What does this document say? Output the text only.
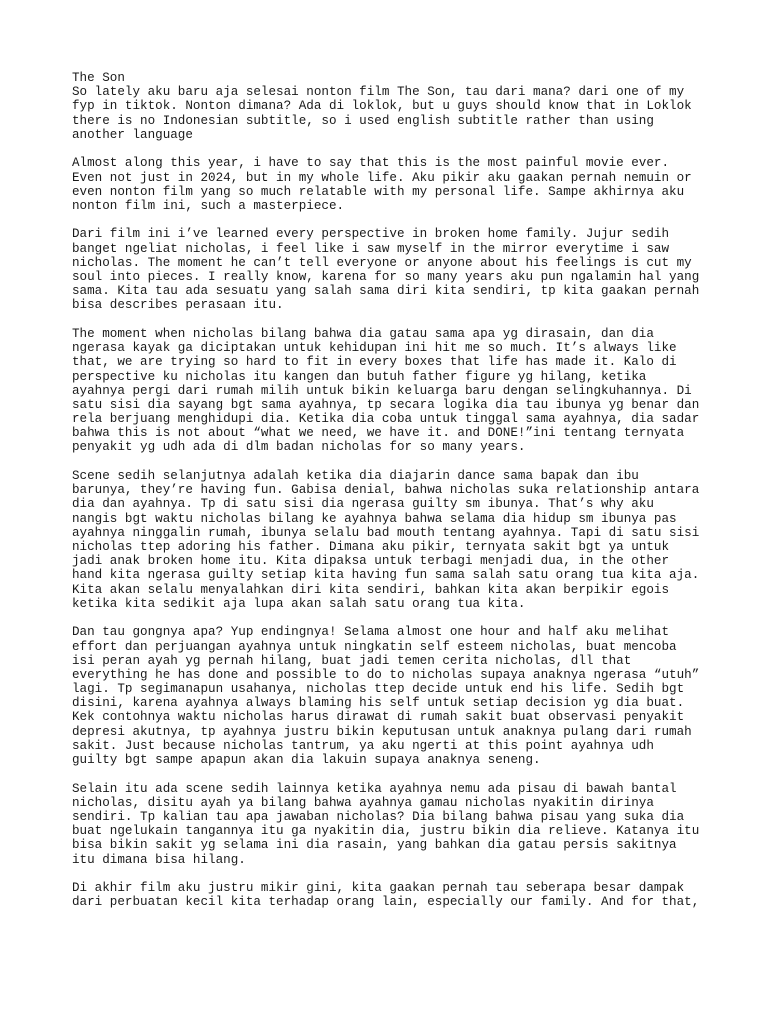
The Son
So lately aku baru aja selesai nonton film The Son, tau dari mana? dari one of my
fyp in tiktok. Nonton dimana? Ada di loklok, but u guys should know that in Loklok
there is no Indonesian subtitle, so i used english subtitle rather than using
another language
Almost along this year, i have to say that this is the most painful movie ever.
Even not just in 2024, but in my whole life. Aku pikir aku gaakan pernah nemuin or
even nonton film yang so much relatable with my personal life. Sampe akhirnya aku
nonton film ini, such a masterpiece.
Dari film ini i’ve learned every perspective in broken home family. Jujur sedih
banget ngeliat nicholas, i feel like i saw myself in the mirror everytime i saw
nicholas. The moment he can’t tell everyone or anyone about his feelings is cut my
soul into pieces. I really know, karena for so many years aku pun ngalamin hal yang
sama. Kita tau ada sesuatu yang salah sama diri kita sendiri, tp kita gaakan pernah
bisa describes perasaan itu.
The moment when nicholas bilang bahwa dia gatau sama apa yg dirasain, dan dia
ngerasa kayak ga diciptakan untuk kehidupan ini hit me so much. It’s always like
that, we are trying so hard to fit in every boxes that life has made it. Kalo di
perspective ku nicholas itu kangen dan butuh father figure yg hilang, ketika
ayahnya pergi dari rumah milih untuk bikin keluarga baru dengan selingkuhannya. Di
satu sisi dia sayang bgt sama ayahnya, tp secara logika dia tau ibunya yg benar dan
rela berjuang menghidupi dia. Ketika dia coba untuk tinggal sama ayahnya, dia sadar
bahwa this is not about “what we need, we have it. and DONE!”ini tentang ternyata
penyakit yg udh ada di dlm badan nicholas for so many years.
Scene sedih selanjutnya adalah ketika dia diajarin dance sama bapak dan ibu
barunya, they’re having fun. Gabisa denial, bahwa nicholas suka relationship antara
dia dan ayahnya. Tp di satu sisi dia ngerasa guilty sm ibunya. That’s why aku
nangis bgt waktu nicholas bilang ke ayahnya bahwa selama dia hidup sm ibunya pas
ayahnya ninggalin rumah, ibunya selalu bad mouth tentang ayahnya. Tapi di satu sisi
nicholas ttep adoring his father. Dimana aku pikir, ternyata sakit bgt ya untuk
jadi anak broken home itu. Kita dipaksa untuk terbagi menjadi dua, in the other
hand kita ngerasa guilty setiap kita having fun sama salah satu orang tua kita aja.
Kita akan selalu menyalahkan diri kita sendiri, bahkan kita akan berpikir egois
ketika kita sedikit aja lupa akan salah satu orang tua kita.
Dan tau gongnya apa? Yup endingnya! Selama almost one hour and half aku melihat
effort dan perjuangan ayahnya untuk ningkatin self esteem nicholas, buat mencoba
isi peran ayah yg pernah hilang, buat jadi temen cerita nicholas, dll that
everything he has done and possible to do to nicholas supaya anaknya ngerasa “utuh”
lagi. Tp segimanapun usahanya, nicholas ttep decide untuk end his life. Sedih bgt
disini, karena ayahnya always blaming his self untuk setiap decision yg dia buat.
Kek contohnya waktu nicholas harus dirawat di rumah sakit buat observasi penyakit
depresi akutnya, tp ayahnya justru bikin keputusan untuk anaknya pulang dari rumah
sakit. Just because nicholas tantrum, ya aku ngerti at this point ayahnya udh
guilty bgt sampe apapun akan dia lakuin supaya anaknya seneng.
Selain itu ada scene sedih lainnya ketika ayahnya nemu ada pisau di bawah bantal
nicholas, disitu ayah ya bilang bahwa ayahnya gamau nicholas nyakitin dirinya
sendiri. Tp kalian tau apa jawaban nicholas? Dia bilang bahwa pisau yang suka dia
buat ngelukain tangannya itu ga nyakitin dia, justru bikin dia relieve. Katanya itu
bisa bikin sakit yg selama ini dia rasain, yang bahkan dia gatau persis sakitnya
itu dimana bisa hilang.
Di akhir film aku justru mikir gini, kita gaakan pernah tau seberapa besar dampak
dari perbuatan kecil kita terhadap orang lain, especially our family. And for that,
